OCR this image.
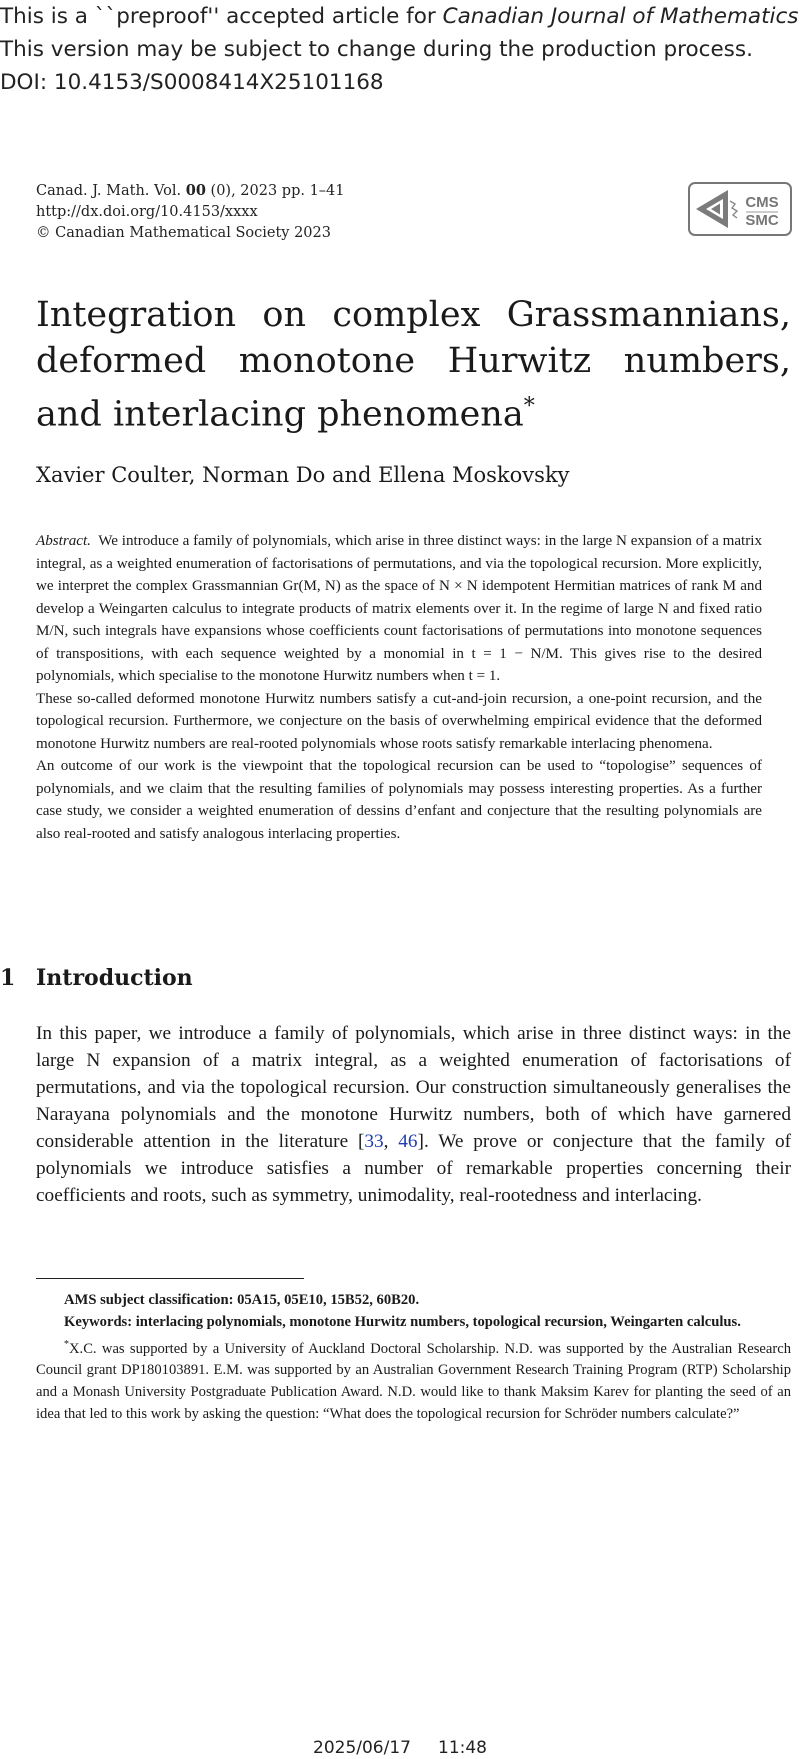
This is a ``preproof'' accepted article for Canadian Journal of Mathematics
This version may be subject to change during the production process.
DOI: 10.4153/S0008414X25101168
Canad. J. Math. Vol. 00 (0), 2023 pp. 1–41
http://dx.doi.org/10.4153/xxxx
© Canadian Mathematical Society 2023
CMS
SMC
Integration on complex Grassmannians,
deformed monotone Hurwitz numbers,
and interlacing phenomena*
Xavier Coulter, Norman Do and Ellena Moskovsky

Abstract. We introduce a family of polynomials, which arise in three distinct ways: in the large N expansion of a matrix integral, as a weighted enumeration of factorisations of permutations, and via the topological recursion. More explicitly, we interpret the complex Grassmannian Gr(M, N) as the space of N × N idempotent Hermitian matrices of rank M and develop a Weingarten calculus to integrate products of matrix elements over it. In the regime of large N and fixed ratio M/N, such integrals have expansions whose coefficients count factorisations of permutations into monotone sequences of transpositions, with each sequence weighted by a monomial in t = 1 − N/M. This gives rise to the desired polynomials, which specialise to the monotone Hurwitz numbers when t = 1.

These so-called deformed monotone Hurwitz numbers satisfy a cut-and-join recursion, a one-point recursion, and the topological recursion. Furthermore, we conjecture on the basis of overwhelming empirical evidence that the deformed monotone Hurwitz numbers are real-rooted polynomials whose roots satisfy remarkable interlacing phenomena.

An outcome of our work is the viewpoint that the topological recursion can be used to “topologise” sequences of polynomials, and we claim that the resulting families of polynomials may possess interesting properties. As a further case study, we consider a weighted enumeration of dessins d’enfant and conjecture that the resulting polynomials are also real-rooted and satisfy analogous interlacing properties.

1 Introduction

In this paper, we introduce a family of polynomials, which arise in three distinct ways: in the large N expansion of a matrix integral, as a weighted enumeration of factorisations of permutations, and via the topological recursion. Our construction simultaneously generalises the Narayana polynomials and the monotone Hurwitz numbers, both of which have garnered considerable attention in the literature [33, 46]. We prove or conjecture that the family of polynomials we introduce satisfies a number of remarkable properties concerning their coefficients and roots, such as symmetry, unimodality, real-rootedness and interlacing.

AMS subject classification: 05A15, 05E10, 15B52, 60B20.

Keywords: interlacing polynomials, monotone Hurwitz numbers, topological recursion, Weingarten calculus.

*X.C. was supported by a University of Auckland Doctoral Scholarship. N.D. was supported by the Australian Research Council grant DP180103891. E.M. was supported by an Australian Government Research Training Program (RTP) Scholarship and a Monash University Postgraduate Publication Award. N.D. would like to thank Maksim Karev for planting the seed of an idea that led to this work by asking the question: “What does the topological recursion for Schröder numbers calculate?”

2025/06/17     11:48
